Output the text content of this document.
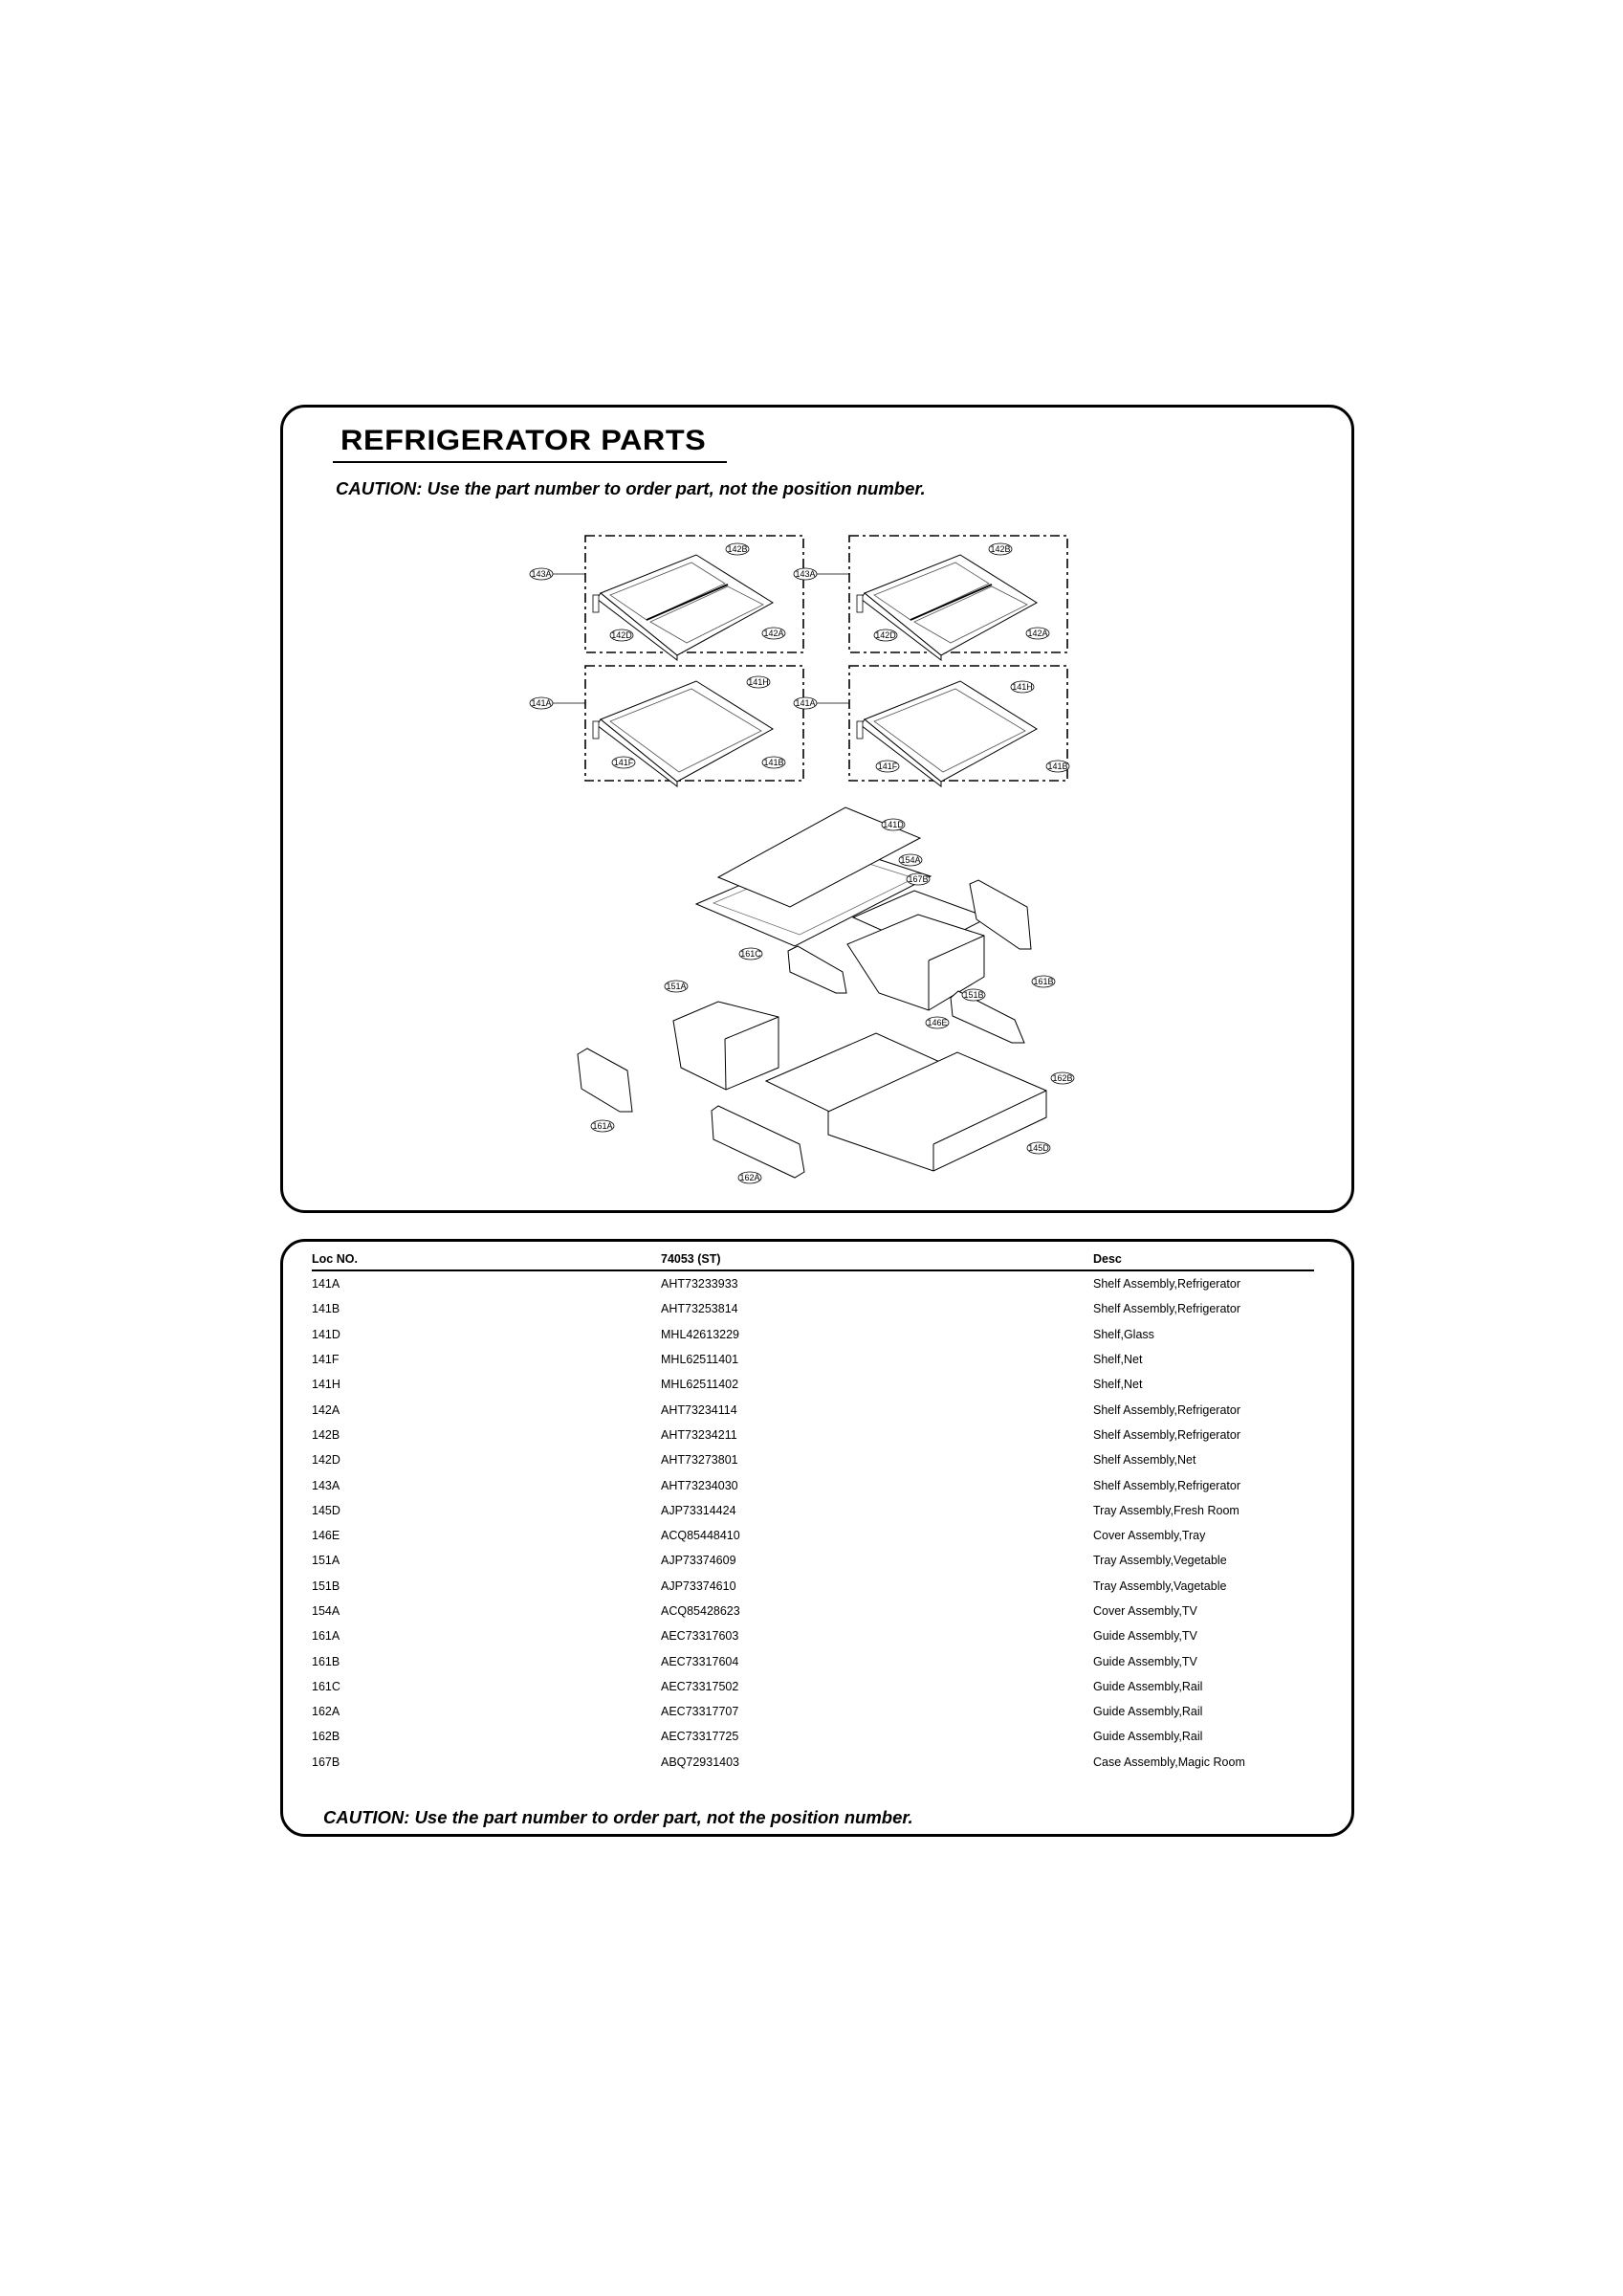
REFRIGERATOR PARTS
CAUTION: Use the part number to order part, not the position number.
143A
142B
142D	142A
143A
142B
142D	142A
141A
141H
141F	141B
141A
141H
141F	141B
141D
154A
167B
161C
161B
151B
151A
146E
162B
161A
145D
162A
Loc NO.	74053 (ST)	Desc
141A	AHT73233933	Shelf Assembly,Refrigerator
141B	AHT73253814	Shelf Assembly,Refrigerator
141D	MHL42613229	Shelf,Glass
141F	MHL62511401	Shelf,Net
141H	MHL62511402	Shelf,Net
142A	AHT73234114	Shelf Assembly,Refrigerator
142B	AHT73234211	Shelf Assembly,Refrigerator
142D	AHT73273801	Shelf Assembly,Net
143A	AHT73234030	Shelf Assembly,Refrigerator
145D	AJP73314424	Tray Assembly,Fresh Room
146E	ACQ85448410	Cover Assembly,Tray
151A	AJP73374609	Tray Assembly,Vegetable
151B	AJP73374610	Tray Assembly,Vagetable
154A	ACQ85428623	Cover Assembly,TV
161A	AEC73317603	Guide Assembly,TV
161B	AEC73317604	Guide Assembly,TV
161C	AEC73317502	Guide Assembly,Rail
162A	AEC73317707	Guide Assembly,Rail
162B	AEC73317725	Guide Assembly,Rail
167B	ABQ72931403	Case Assembly,Magic Room
CAUTION: Use the part number to order part, not the position number.
